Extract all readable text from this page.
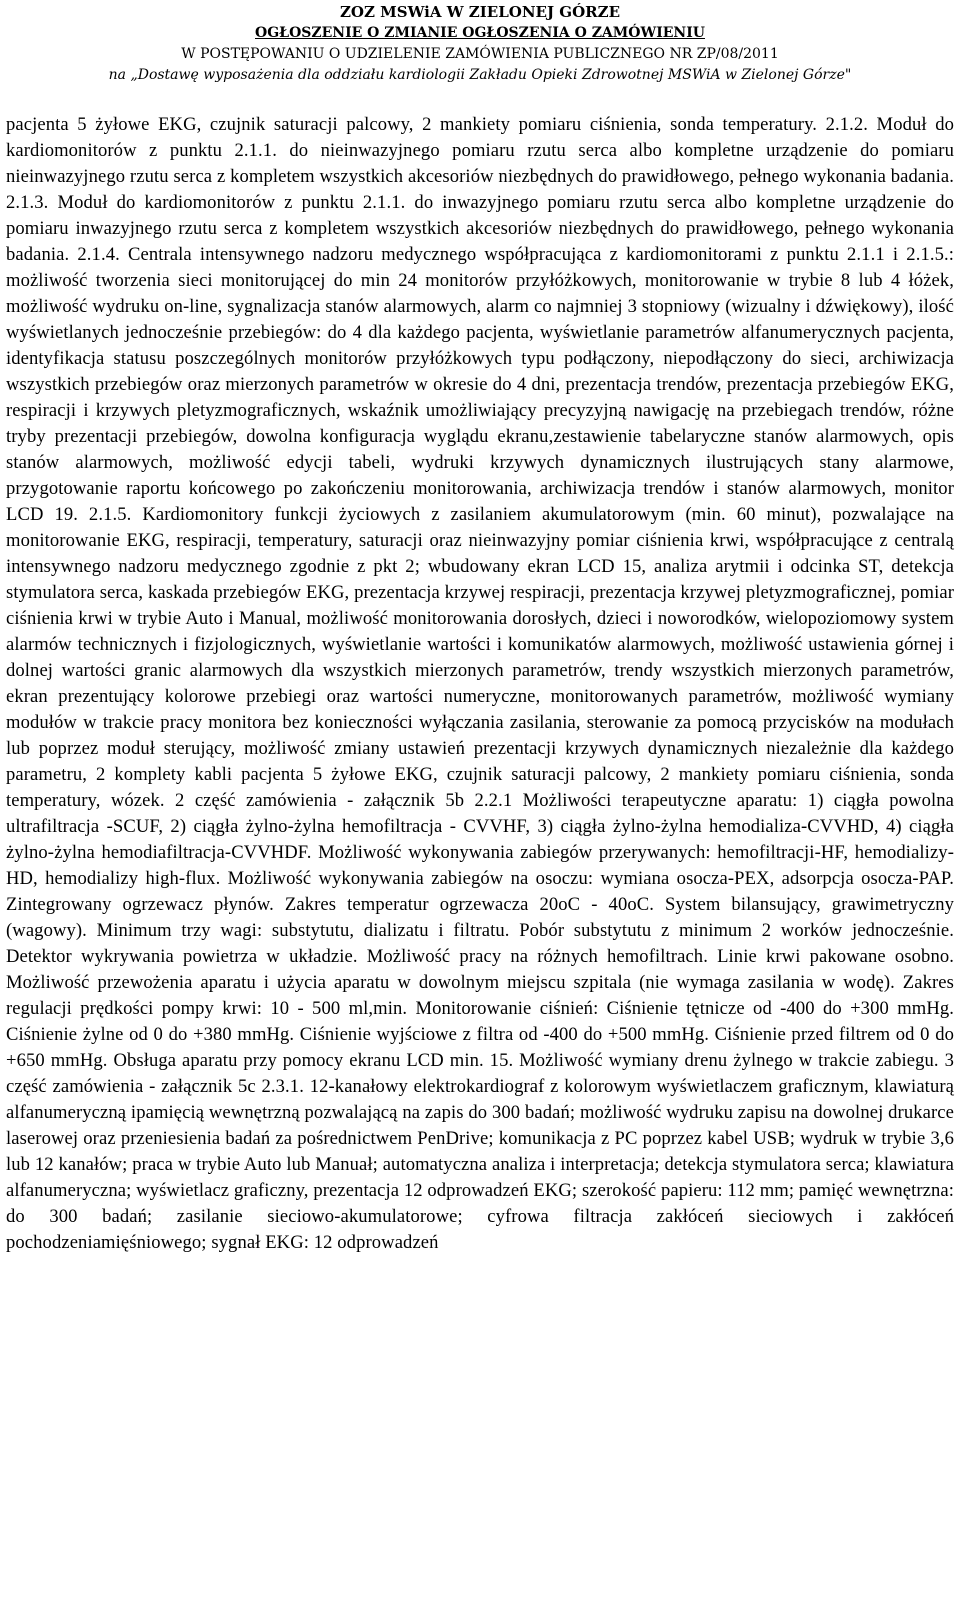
ZOZ MSWiA W ZIELONEJ GÓRZE
OGŁOSZENIE O ZMIANIE OGŁOSZENIA O ZAMÓWIENIU
W POSTĘPOWANIU O UDZIELENIE ZAMÓWIENIA PUBLICZNEGO NR ZP/08/2011
na „Dostawę wyposażenia dla oddziału kardiologii Zakładu Opieki Zdrowotnej MSWiA w Zielonej Górze"
pacjenta 5 żyłowe EKG, czujnik saturacji palcowy, 2 mankiety pomiaru ciśnienia, sonda temperatury. 2.1.2. Moduł do kardiomonitorów z punktu 2.1.1. do nieinwazyjnego pomiaru rzutu serca albo kompletne urządzenie do pomiaru nieinwazyjnego rzutu serca z kompletem wszystkich akcesoriów niezbędnych do prawidłowego, pełnego wykonania badania. 2.1.3. Moduł do kardiomonitorów z punktu 2.1.1. do inwazyjnego pomiaru rzutu serca albo kompletne urządzenie do pomiaru inwazyjnego rzutu serca z kompletem wszystkich akcesoriów niezbędnych do prawidłowego, pełnego wykonania badania. 2.1.4. Centrala intensywnego nadzoru medycznego współpracująca z kardiomonitorami z punktu 2.1.1 i 2.1.5.: możliwość tworzenia sieci monitorującej do min 24 monitorów przyłóżkowych, monitorowanie w trybie 8 lub 4 łóżek, możliwość wydruku on-line, sygnalizacja stanów alarmowych, alarm co najmniej 3 stopniowy (wizualny i dźwiękowy), ilość wyświetlanych jednocześnie przebiegów: do 4 dla każdego pacjenta, wyświetlanie parametrów alfanumerycznych pacjenta, identyfikacja statusu poszczególnych monitorów przyłóżkowych typu podłączony, niepodłączony do sieci, archiwizacja wszystkich przebiegów oraz mierzonych parametrów w okresie do 4 dni, prezentacja trendów, prezentacja przebiegów EKG, respiracji i krzywych pletyzmograficznych, wskaźnik umożliwiający precyzyjną nawigację na przebiegach trendów, różne tryby prezentacji przebiegów, dowolna konfiguracja wyglądu ekranu,zestawienie tabelaryczne stanów alarmowych, opis stanów alarmowych, możliwość edycji tabeli, wydruki krzywych dynamicznych ilustrujących stany alarmowe, przygotowanie raportu końcowego po zakończeniu monitorowania, archiwizacja trendów i stanów alarmowych, monitor LCD 19. 2.1.5. Kardiomonitory funkcji życiowych z zasilaniem akumulatorowym (min. 60 minut), pozwalające na monitorowanie EKG, respiracji, temperatury, saturacji oraz nieinwazyjny pomiar ciśnienia krwi, współpracujące z centralą intensywnego nadzoru medycznego zgodnie z pkt 2; wbudowany ekran LCD 15, analiza arytmii i odcinka ST, detekcja stymulatora serca, kaskada przebiegów EKG, prezentacja krzywej respiracji, prezentacja krzywej pletyzmograficznej, pomiar ciśnienia krwi w trybie Auto i Manual, możliwość monitorowania dorosłych, dzieci i noworodków, wielopoziomowy system alarmów technicznych i fizjologicznych, wyświetlanie wartości i komunikatów alarmowych, możliwość ustawienia górnej i dolnej wartości granic alarmowych dla wszystkich mierzonych parametrów, trendy wszystkich mierzonych parametrów, ekran prezentujący kolorowe przebiegi oraz wartości numeryczne, monitorowanych parametrów, możliwość wymiany modułów w trakcie pracy monitora bez konieczności wyłączania zasilania, sterowanie za pomocą przycisków na modułach lub poprzez moduł sterujący, możliwość zmiany ustawień prezentacji krzywych dynamicznych niezależnie dla każdego parametru, 2 komplety kabli pacjenta 5 żyłowe EKG, czujnik saturacji palcowy, 2 mankiety pomiaru ciśnienia, sonda temperatury, wózek. 2 część zamówienia - załącznik 5b 2.2.1 Możliwości terapeutyczne aparatu: 1) ciągła powolna ultrafiltracja -SCUF, 2) ciągła żylno-żylna hemofiltracja - CVVHF, 3) ciągła żylno-żylna hemodializa-CVVHD, 4) ciągła żylno-żylna hemodiafiltracja-CVVHDF. Możliwość wykonywania zabiegów przerywanych: hemofiltracji-HF, hemodializy-HD, hemodializy high-flux. Możliwość wykonywania zabiegów na osoczu: wymiana osocza-PEX, adsorpcja osocza-PAP. Zintegrowany ogrzewacz płynów. Zakres temperatur ogrzewacza 20oC - 40oC. System bilansujący, grawimetryczny (wagowy). Minimum trzy wagi: substytutu, dializatu i filtratu. Pobór substytutu z minimum 2 worków jednocześnie. Detektor wykrywania powietrza w układzie. Możliwość pracy na różnych hemofiltrach. Linie krwi pakowane osobno. Możliwość przewożenia aparatu i użycia aparatu w dowolnym miejscu szpitala (nie wymaga zasilania w wodę). Zakres regulacji prędkości pompy krwi: 10 - 500 ml,min. Monitorowanie ciśnień: Ciśnienie tętnicze od -400 do +300 mmHg. Ciśnienie żylne od 0 do +380 mmHg. Ciśnienie wyjściowe z filtra od -400 do +500 mmHg. Ciśnienie przed filtrem od 0 do +650 mmHg. Obsługa aparatu przy pomocy ekranu LCD min. 15. Możliwość wymiany drenu żylnego w trakcie zabiegu. 3 część zamówienia - załącznik 5c 2.3.1. 12-kanałowy elektrokardiograf z kolorowym wyświetlaczem graficznym, klawiaturą alfanumeryczną ipamięcią wewnętrzną pozwalającą na zapis do 300 badań; możliwość wydruku zapisu na dowolnej drukarce laserowej oraz przeniesienia badań za pośrednictwem PenDrive; komunikacja z PC poprzez kabel USB; wydruk w trybie 3,6 lub 12 kanałów; praca w trybie Auto lub Manuał; automatyczna analiza i interpretacja; detekcja stymulatora serca; klawiatura alfanumeryczna; wyświetlacz graficzny, prezentacja 12 odprowadzeń EKG; szerokość papieru: 112 mm; pamięć wewnętrzna: do 300 badań; zasilanie sieciowo-akumulatorowe; cyfrowa filtracja zakłóceń sieciowych i zakłóceń pochodzeniamięśniowego; sygnał EKG: 12 odprowadzeń
